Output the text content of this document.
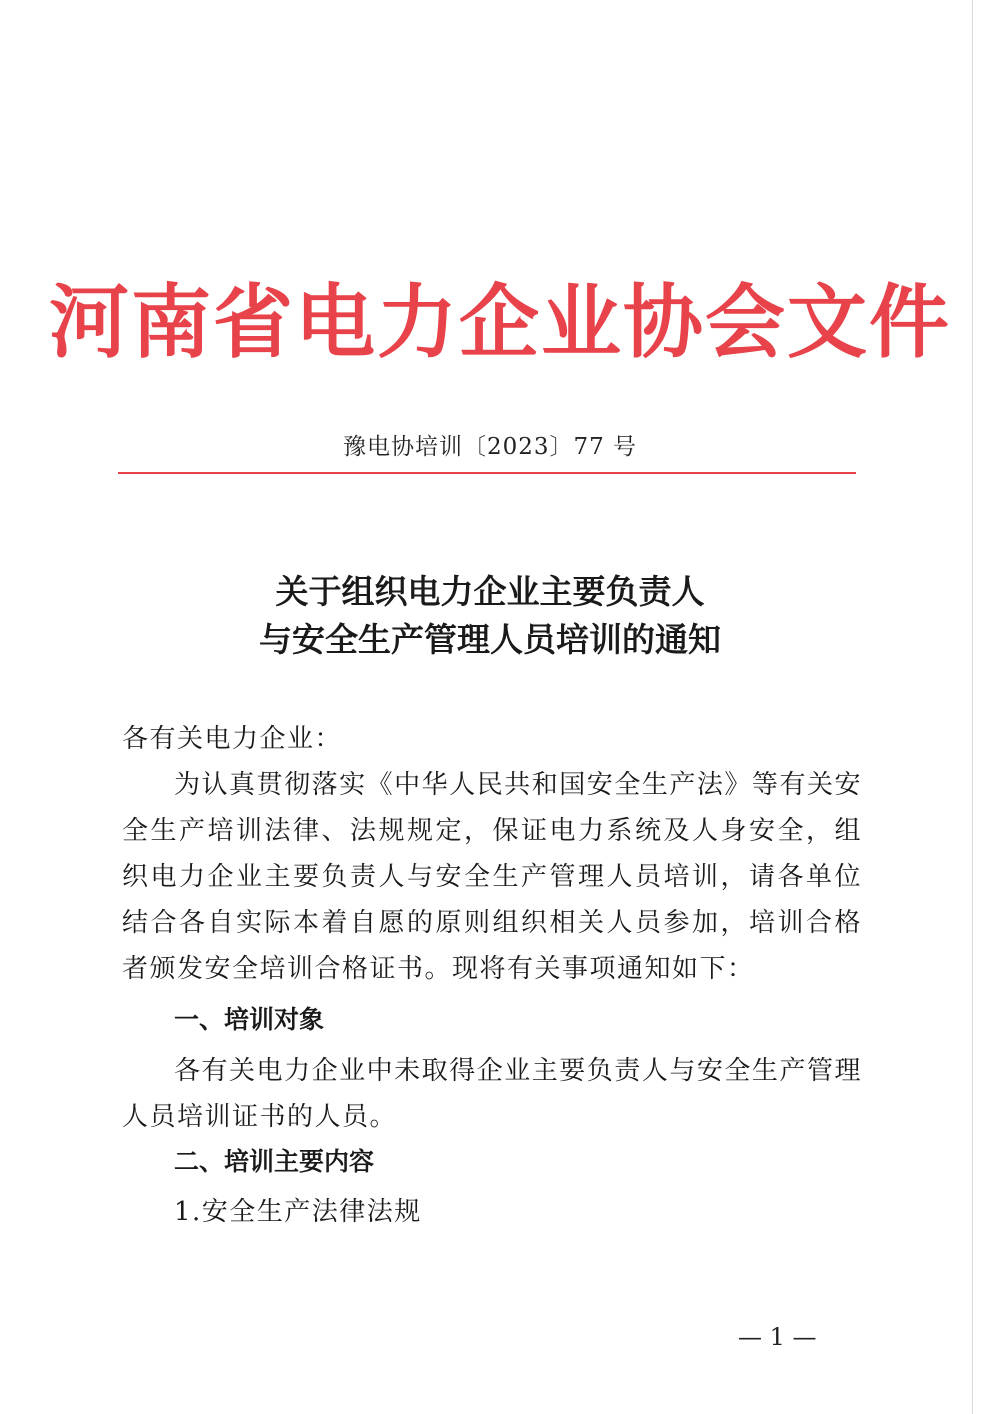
河南省电力企业协会文件
豫电协培训〔2023〕77 号
关于组织电力企业主要负责人
与安全生产管理人员培训的通知
各有关电力企业：
为认真贯彻落实《中华人民共和国安全生产法》等有关安全生产培训法律、法规规定，保证电力系统及人身安全，组织电力企业主要负责人与安全生产管理人员培训，请各单位结合各自实际本着自愿的原则组织相关人员参加，培训合格者颁发安全培训合格证书。现将有关事项通知如下：
一、培训对象
各有关电力企业中未取得企业主要负责人与安全生产管理人员培训证书的人员。
二、培训主要内容
1.安全生产法律法规
— 1 —
